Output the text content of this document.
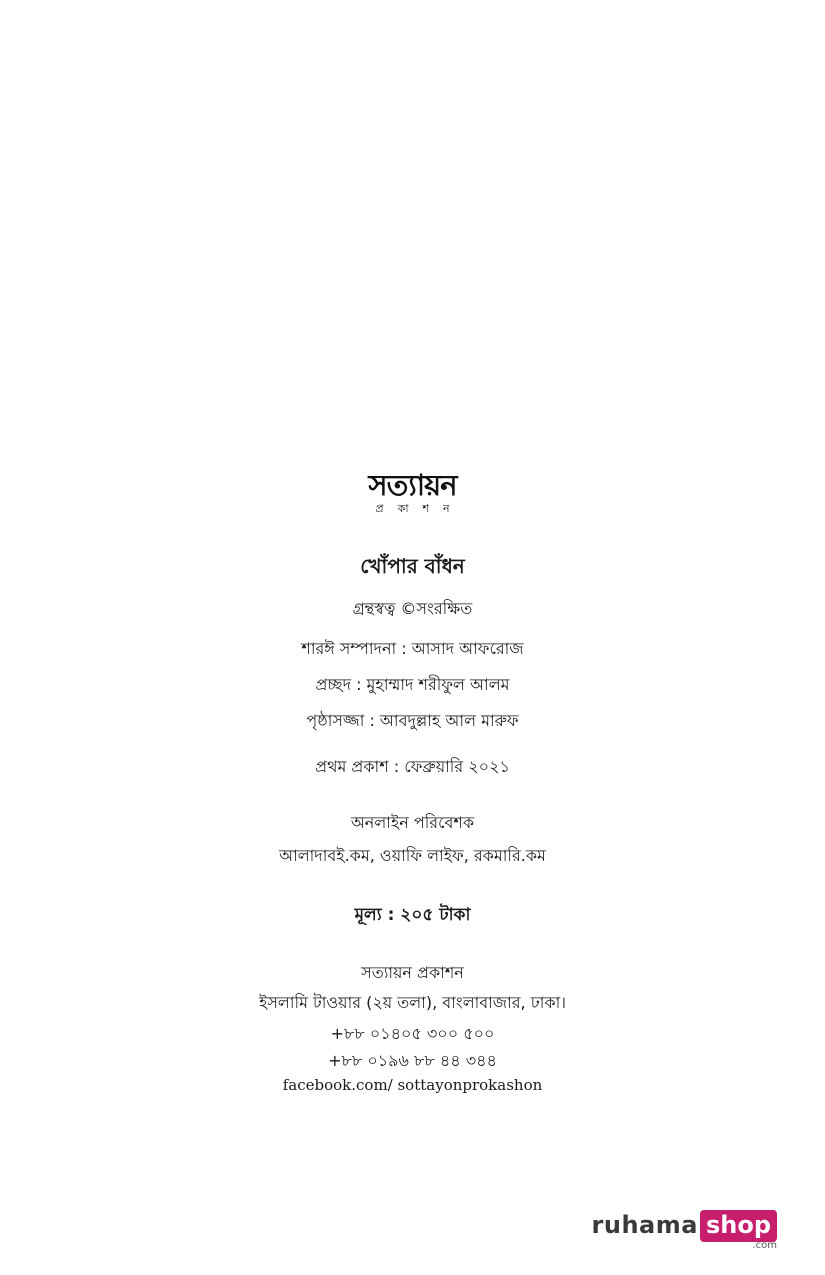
সত্যায়ন
প্রকাশন
খোঁপার বাঁধন
গ্রন্থস্বত্ব ©সংরক্ষিত
শারঈ সম্পাদনা : আসাদ আফরোজ
প্রচ্ছদ : মুহাম্মাদ শরীফুল আলম
পৃষ্ঠাসজ্জা : আবদুল্লাহ আল মারুফ
প্রথম প্রকাশ : ফেব্রুয়ারি ২০২১
অনলাইন পরিবেশক
আলাদাবই.কম, ওয়াফি লাইফ, রকমারি.কম
মূল্য : ২০৫ টাকা
সত্যায়ন প্রকাশন
ইসলামি টাওয়ার (২য় তলা), বাংলাবাজার, ঢাকা।
+৮৮ ০১৪০৫ ৩০০ ৫০০
+৮৮ ০১৯৬ ৮৮ ৪৪ ৩৪৪
facebook.com/ sottayonprokashon
ruhama shop
.com
